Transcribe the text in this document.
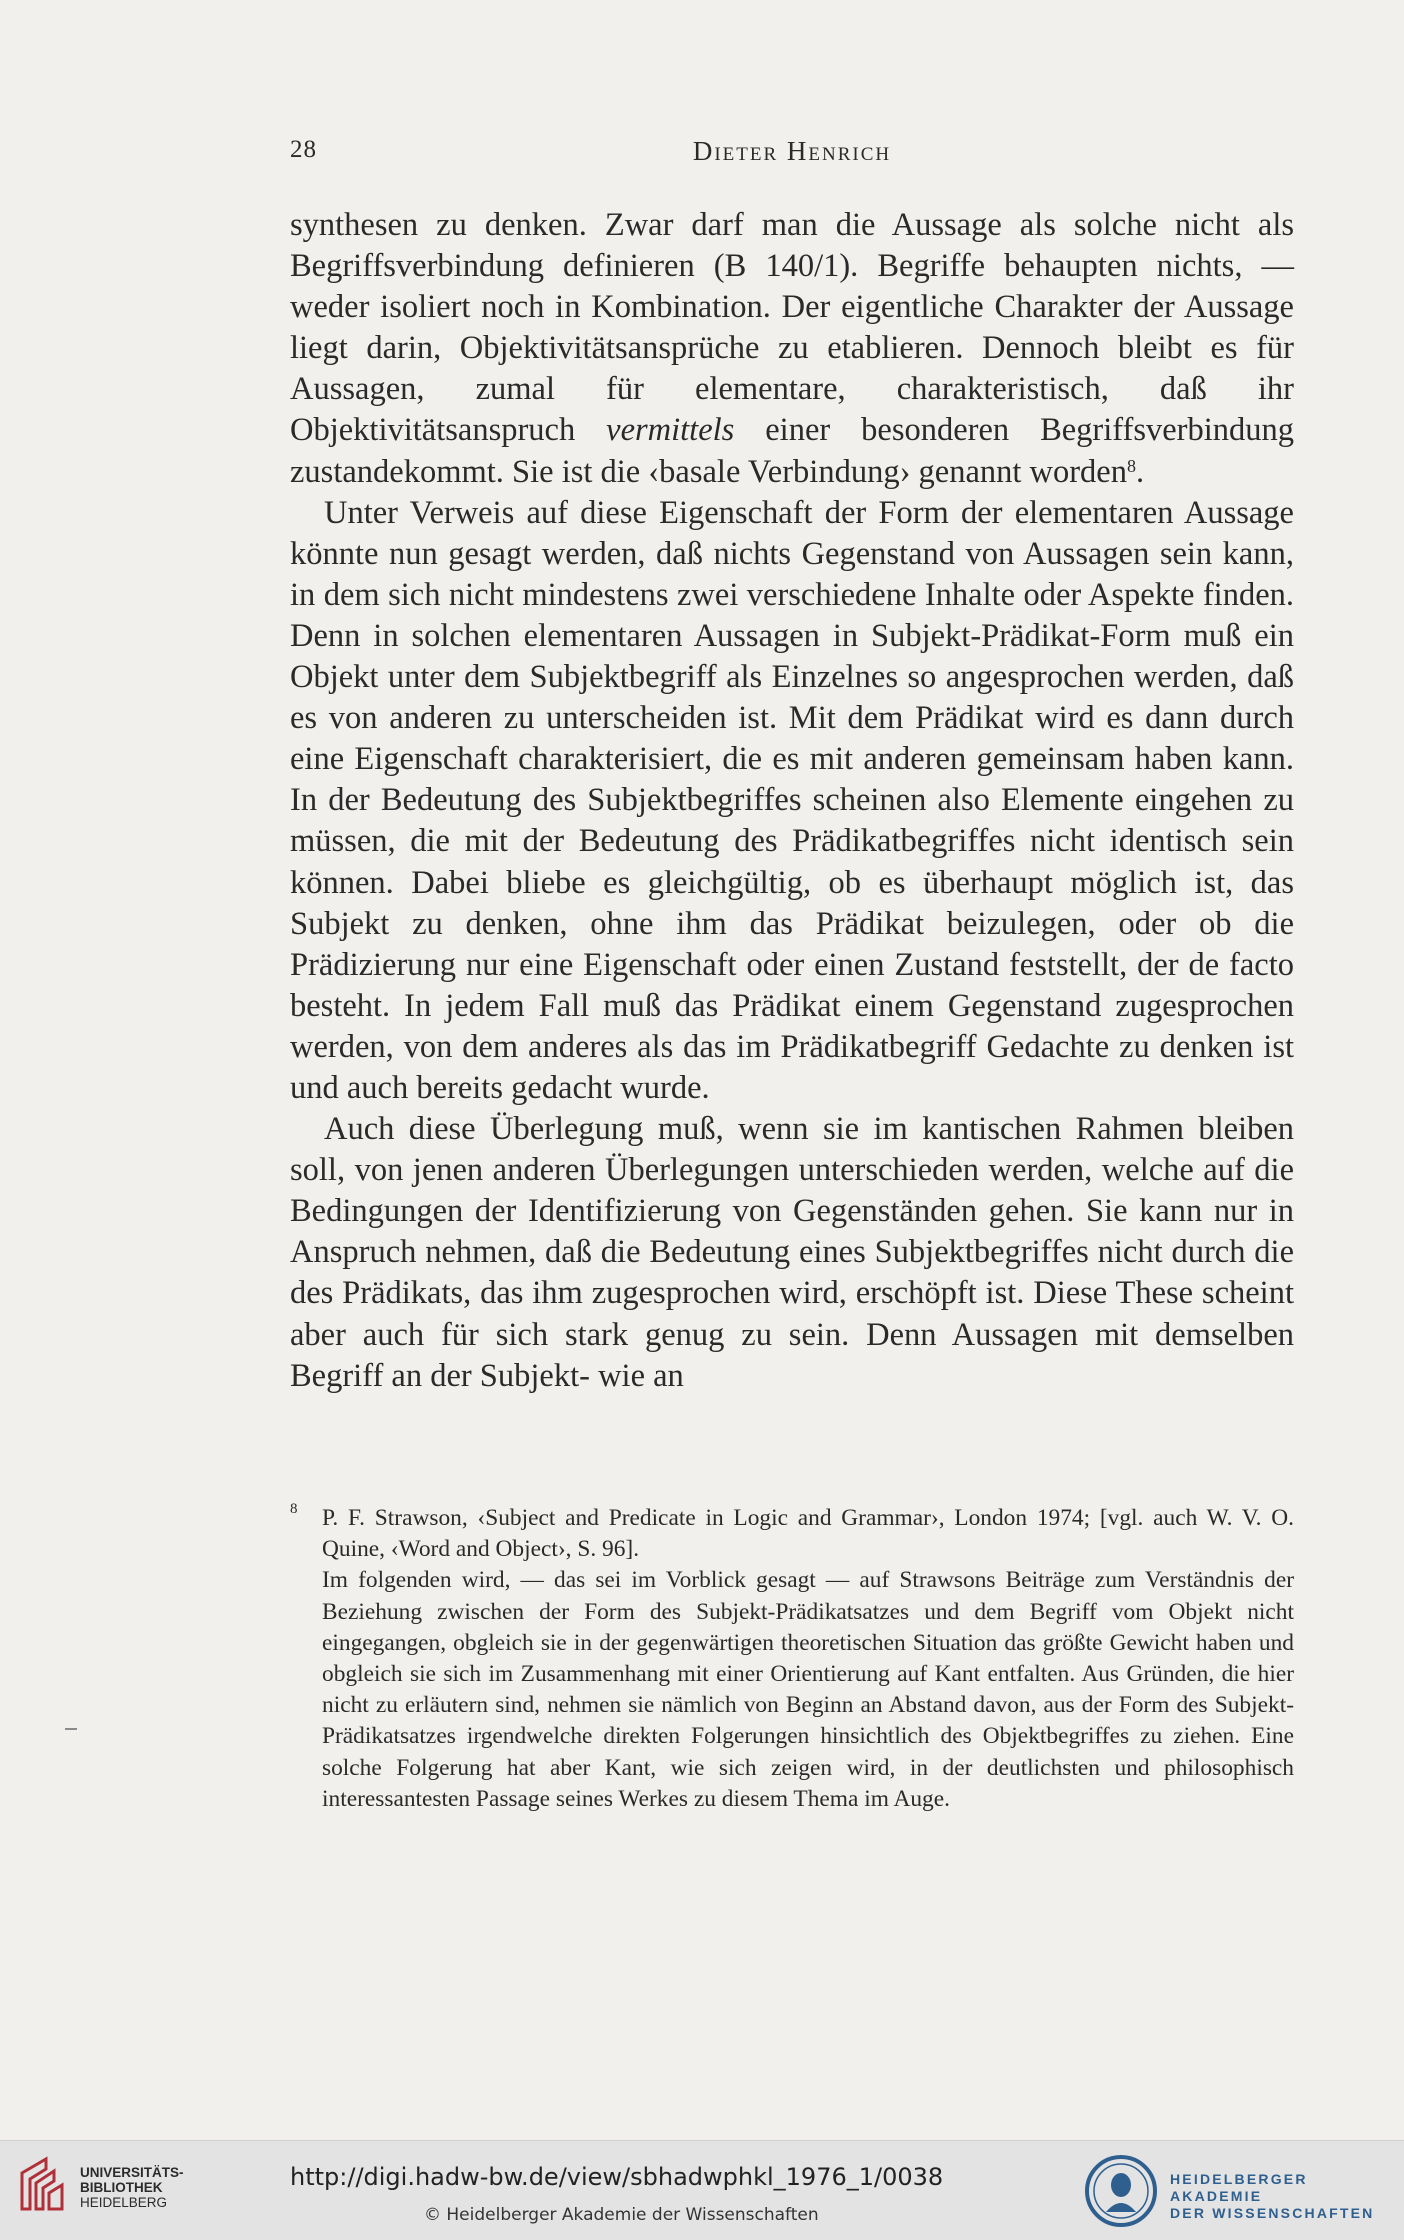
28	Dieter Henrich

synthesen zu denken. Zwar darf man die Aussage als solche nicht als Begriffsverbindung definieren (B 140/1). Begriffe behaupten nichts, — weder isoliert noch in Kombination. Der eigentliche Charakter der Aussage liegt darin, Objektivitätsansprüche zu etablieren. Dennoch bleibt es für Aussagen, zumal für elementare, charakteristisch, daß ihr Objektivitätsanspruch vermittels einer besonderen Begriffsverbindung zustandekommt. Sie ist die ‹basale Verbindung› genannt worden$^8$.

Unter Verweis auf diese Eigenschaft der Form der elementaren Aussage könnte nun gesagt werden, daß nichts Gegenstand von Aussagen sein kann, in dem sich nicht mindestens zwei verschiedene Inhalte oder Aspekte finden. Denn in solchen elementaren Aussagen in Subjekt-Prädikat-Form muß ein Objekt unter dem Subjektbegriff als Einzelnes so angesprochen werden, daß es von anderen zu unterscheiden ist. Mit dem Prädikat wird es dann durch eine Eigenschaft charakterisiert, die es mit anderen gemeinsam haben kann. In der Bedeutung des Subjektbegriffes scheinen also Elemente eingehen zu müssen, die mit der Bedeutung des Prädikatbegriffes nicht identisch sein können. Dabei bliebe es gleichgültig, ob es überhaupt möglich ist, das Subjekt zu denken, ohne ihm das Prädikat beizulegen, oder ob die Prädizierung nur eine Eigenschaft oder einen Zustand feststellt, der de facto besteht. In jedem Fall muß das Prädikat einem Gegenstand zugesprochen werden, von dem anderes als das im Prädikatbegriff Gedachte zu denken ist und auch bereits gedacht wurde.

Auch diese Überlegung muß, wenn sie im kantischen Rahmen bleiben soll, von jenen anderen Überlegungen unterschieden werden, welche auf die Bedingungen der Identifizierung von Gegenständen gehen. Sie kann nur in Anspruch nehmen, daß die Bedeutung eines Subjektbegriffes nicht durch die des Prädikats, das ihm zugesprochen wird, erschöpft ist. Diese These scheint aber auch für sich stark genug zu sein. Denn Aussagen mit demselben Begriff an der Subjekt- wie an

8 P. F. Strawson, ‹Subject and Predicate in Logic and Grammar›, London 1974; [vgl. auch W. V. O. Quine, ‹Word and Object›, S. 96].

Im folgenden wird, — das sei im Vorblick gesagt — auf Strawsons Beiträge zum Verständnis der Beziehung zwischen der Form des Subjekt-Prädikatsatzes und dem Begriff vom Objekt nicht eingegangen, obgleich sie in der gegenwärtigen theoretischen Situation das größte Gewicht haben und obgleich sie sich im Zusammenhang mit einer Orientierung auf Kant entfalten. Aus Gründen, die hier nicht zu erläutern sind, nehmen sie nämlich von Beginn an Abstand davon, aus der Form des Subjekt-Prädikatsatzes irgendwelche direkten Folgerungen hinsichtlich des Objektbegriffes zu ziehen. Eine solche Folgerung hat aber Kant, wie sich zeigen wird, in der deutlichsten und philosophisch interessantesten Passage seines Werkes zu diesem Thema im Auge.

UNIVERSITÄTS-
BIBLIOTHEK
HEIDELBERG
http://digi.hadw-bw.de/view/sbhadwphkl_1976_1/0038
© Heidelberger Akademie der Wissenschaften
HEIDELBERGER AKADEMIE
DER WISSENSCHAFTEN
